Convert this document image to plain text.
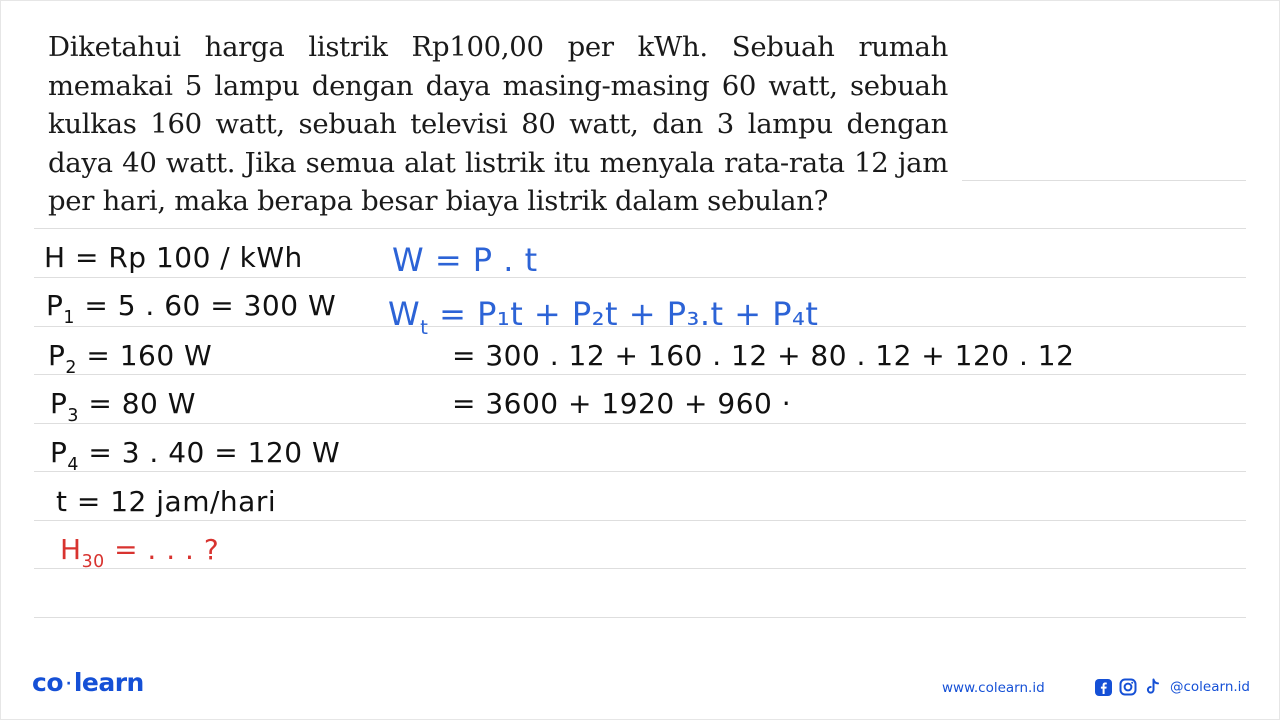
Diketahui harga listrik Rp100,00 per kWh. Sebuah rumah memakai 5 lampu dengan daya masing-masing 60 watt, sebuah kulkas 160 watt, sebuah televisi 80 watt, dan 3 lampu dengan daya 40 watt. Jika semua alat listrik itu menyala rata-rata 12 jam per hari, maka berapa besar biaya listrik dalam sebulan?

H = Rp 100 / kWh
$P_1 = 5$ . 60 = 300 W
$P_2 = 160$ W
$P_3 = 80$ W
$P_4 = 3$ . 40 = 120 W
t = 12 jam/hari
$H_{30}$ = . . . ?
W = P . t
$W_t = P_1t + P_2t + P_3.t + P_4t$
= 300 . 12 + 160 . 12 + 80 . 12 + 120 . 12
= 3600 + 1920 + 960 ·
co · learn	www.colearn.id	@colearn.id
